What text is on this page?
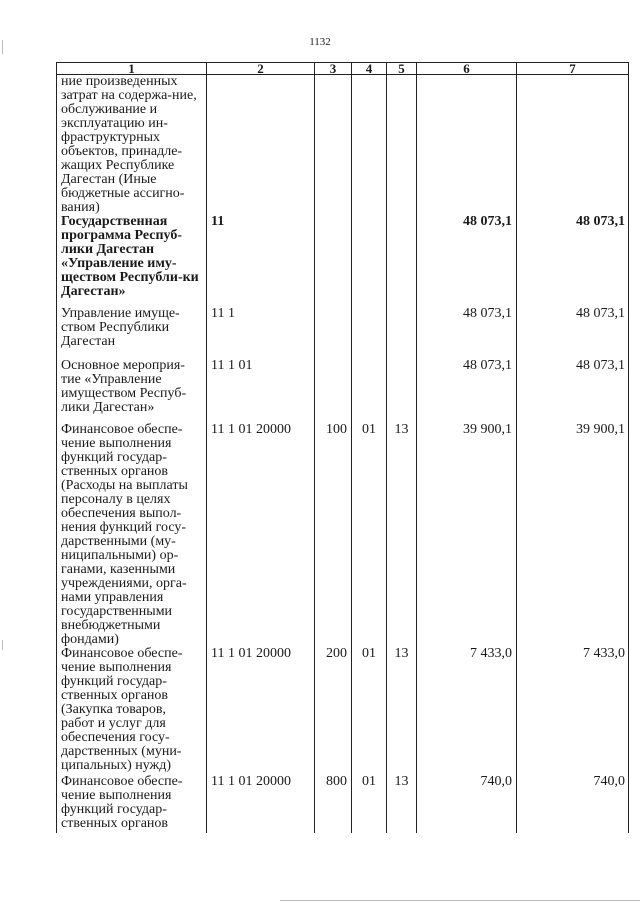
1132
1	2	3	4	5	6	7
ние произведенных затрат на содержа-ние, обслуживание и эксплуатацию ин-фраструктурных объектов, принадле-жащих Республике Дагестан (Иные бюджетные ассигно-вания)						
Государственная программа Респуб-лики Дагестан «Управление иму-ществом Республи-ки Дагестан»	11				48 073,1	48 073,1
Управление имуще-ством Республики Дагестан	11 1				48 073,1	48 073,1
Основное мероприя-тие «Управление имуществом Респуб-лики Дагестан»	11 1 01				48 073,1	48 073,1
Финансовое обеспе-чение выполнения функций государ-ственных органов (Расходы на выплаты персоналу в целях обеспечения выпол-нения функций госу-дарственными (му-ниципальными) ор-ганами, казенными учреждениями, орга-нами управления государственными внебюджетными фондами)	11 1 01 20000	100	01	13	39 900,1	39 900,1
Финансовое обеспе-чение выполнения функций государ-ственных органов (Закупка товаров, работ и услуг для обеспечения госу-дарственных (муни-ципальных) нужд)	11 1 01 20000	200	01	13	7 433,0	7 433,0
Финансовое обеспе-чение выполнения функций государ-ственных органов	11 1 01 20000	800	01	13	740,0	740,0
